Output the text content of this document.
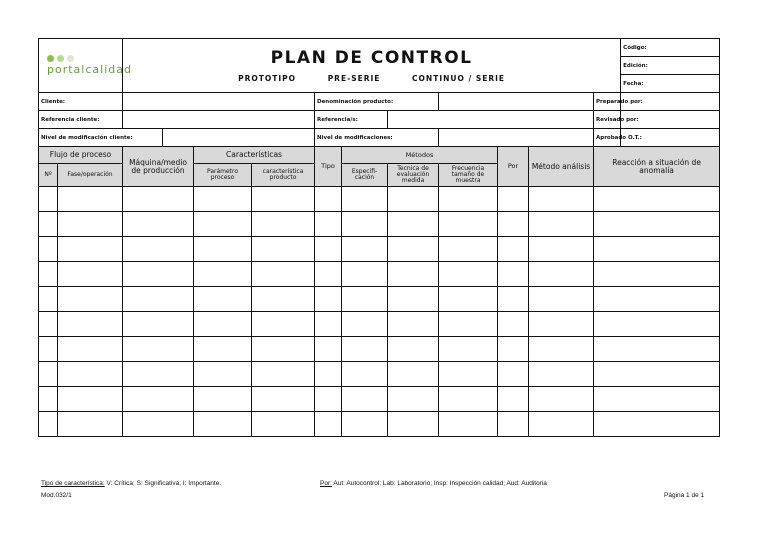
portalcalidad		PLAN DE CONTROL
PROTOTIPO PRE-SERIE CONTINUO / SERIE											Código:
													Edición:
													Fecha:
Cliente:						Denominación producto:						Preparado por:	
Referencia cliente:						Referencia/s:						Revisado por:	
Nivel de modificación cliente:						Nivel de modificaciones:						Aprobado O.T.:	
Flujo de proceso		Máquina/medio de producción		Características		Tipo	Métodos			Por	Método análisis	Reacción a situación de anomalía	
Nº	Fase/operación			Parámetro proceso	característica producto		Especifi-cación	Tecnica de evaluación medida	Frecuencia tamaño de muestra				

Tipo de característica: V: Crítica; S: Significativa; I: Importante.	Por: Aut: Autocontrol; Lab: Laboratorio; Insp: Inspección calidad; Aud: Auditoria
Mod.032/1	Página 1 de 1
